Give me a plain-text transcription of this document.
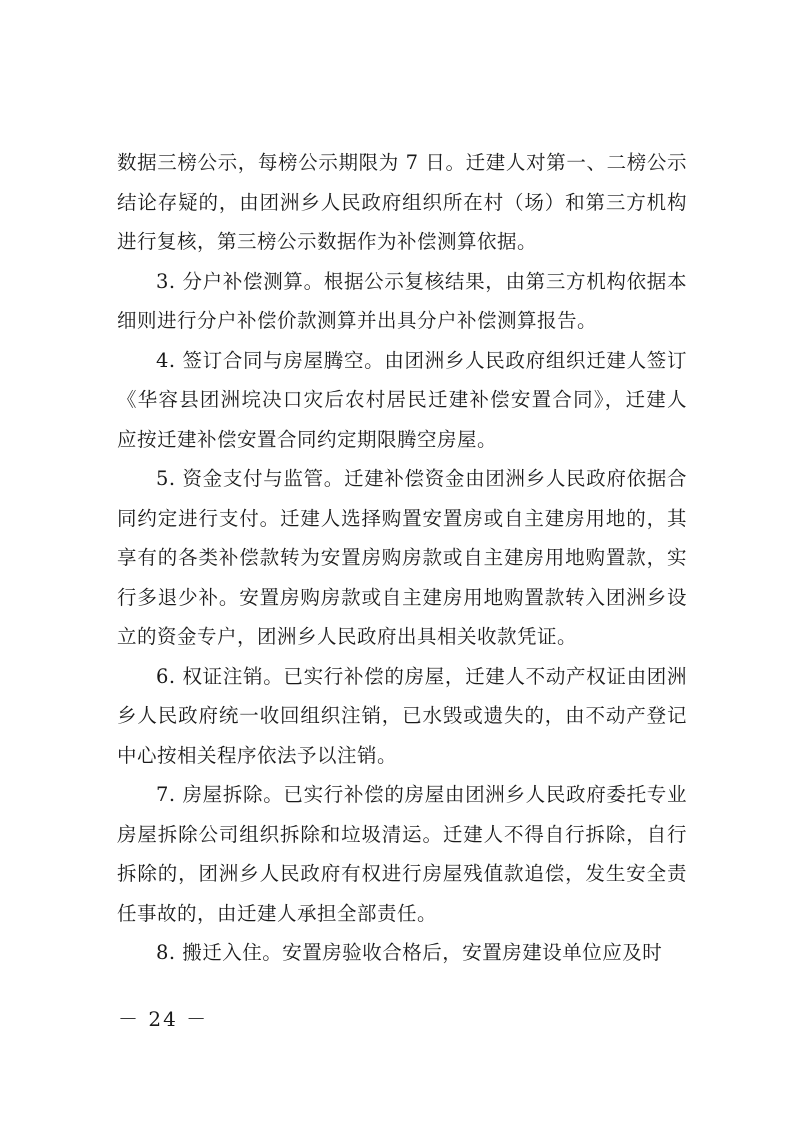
数据三榜公示，每榜公示期限为 7 日。迁建人对第一、二榜公示结论存疑的，由团洲乡人民政府组织所在村（场）和第三方机构进行复核，第三榜公示数据作为补偿测算依据。

3. 分户补偿测算。根据公示复核结果，由第三方机构依据本细则进行分户补偿价款测算并出具分户补偿测算报告。

4. 签订合同与房屋腾空。由团洲乡人民政府组织迁建人签订《华容县团洲垸决口灾后农村居民迁建补偿安置合同》，迁建人应按迁建补偿安置合同约定期限腾空房屋。

5. 资金支付与监管。迁建补偿资金由团洲乡人民政府依据合同约定进行支付。迁建人选择购置安置房或自主建房用地的，其享有的各类补偿款转为安置房购房款或自主建房用地购置款，实行多退少补。安置房购房款或自主建房用地购置款转入团洲乡设立的资金专户，团洲乡人民政府出具相关收款凭证。

6. 权证注销。已实行补偿的房屋，迁建人不动产权证由团洲乡人民政府统一收回组织注销，已水毁或遗失的，由不动产登记中心按相关程序依法予以注销。

7. 房屋拆除。已实行补偿的房屋由团洲乡人民政府委托专业房屋拆除公司组织拆除和垃圾清运。迁建人不得自行拆除，自行拆除的，团洲乡人民政府有权进行房屋残值款追偿，发生安全责任事故的，由迁建人承担全部责任。

8. 搬迁入住。安置房验收合格后，安置房建设单位应及时

－ 24 －
